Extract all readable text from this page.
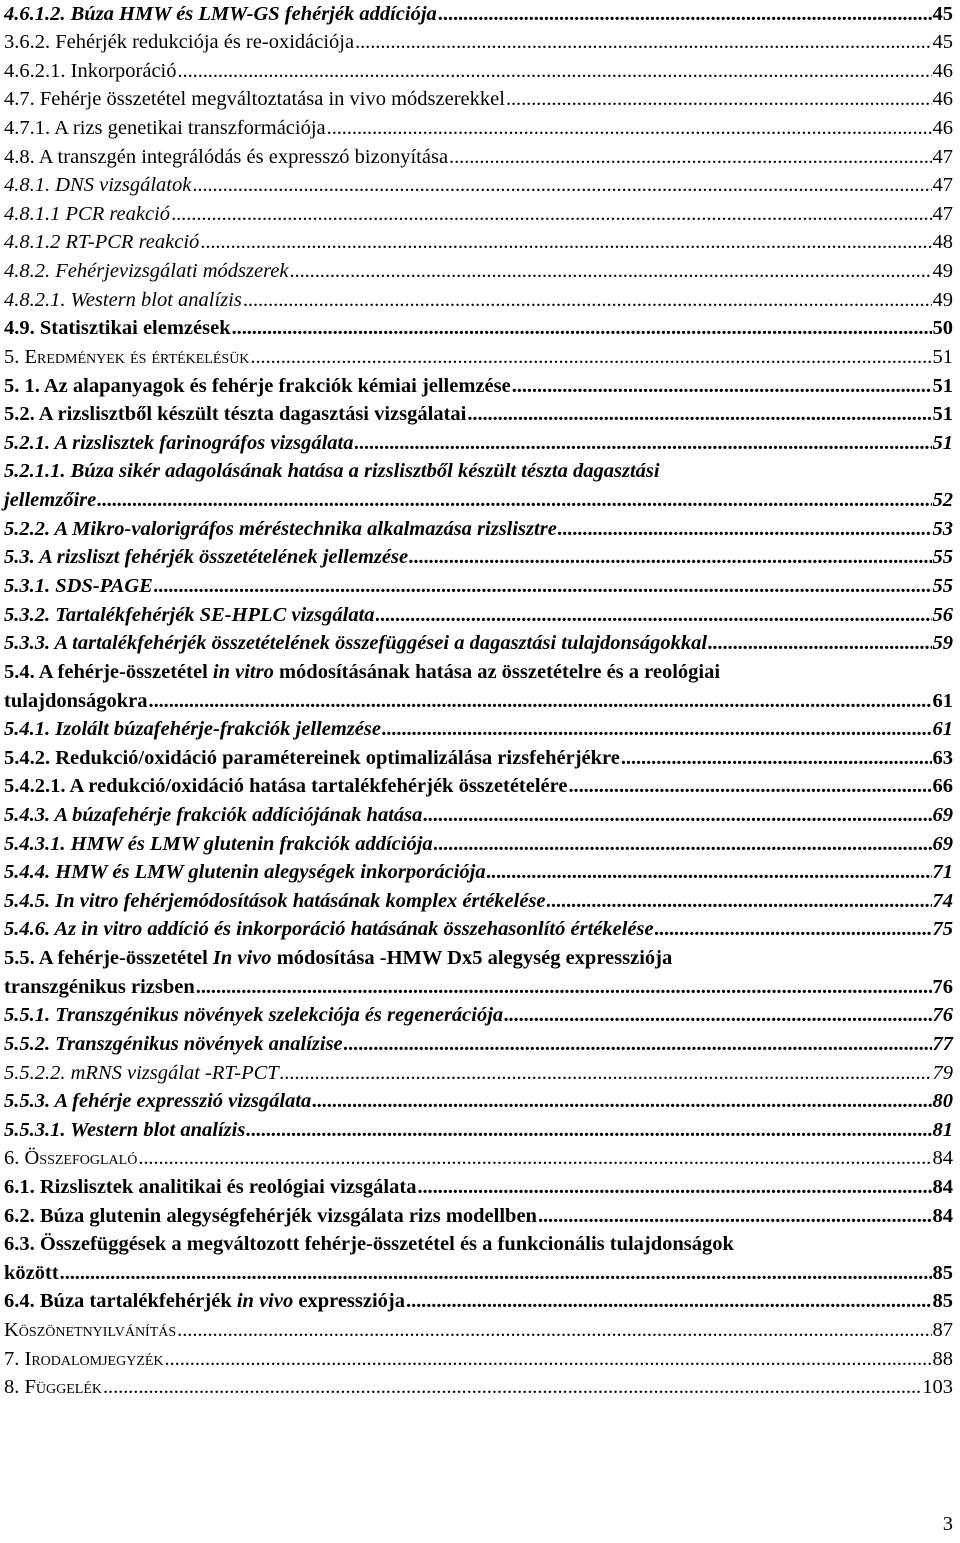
4.6.1.2. Búza HMW és LMW-GS fehérjék addíciója . . .	45
3.6.2. Fehérjék redukciója és re-oxidációja . . .	45
4.6.2.1. Inkorporáció . . .	46
4.7. Fehérje összetétel megváltoztatása in vivo módszerekkel . . .	46
4.7.1. A rizs genetikai transzformációja . . .	46
4.8. A transzgén integrálódás és expresszó bizonyítása . . .	47
4.8.1. DNS vizsgálatok . . .	47
4.8.1.1 PCR reakció . . .	47
4.8.1.2 RT-PCR reakció . . .	48
4.8.2. Fehérjevizsgálati módszerek . . .	49
4.8.2.1. Western blot analízis . . .	49
4.9. Statisztikai elemzések . . .	50
5. Eredmények és értékelésük . . .	51
5. 1. Az alapanyagok és fehérje frakciók kémiai jellemzése . . .	51
5.2. A rizslisztből készült tészta dagasztási vizsgálatai . . .	51
5.2.1. A rizslisztek farinográfos vizsgálata . . .	51
5.2.1.1. Búza sikér adagolásának hatása a rizslisztből készült tészta dagasztási
jellemzőire . . .	52
5.2.2. A Mikro-valorigráfos méréstechnika alkalmazása rizslisztre . . .	53
5.3. A rizsliszt fehérjék összetételének jellemzése . . .	55
5.3.1. SDS-PAGE . . .	55
5.3.2. Tartalékfehérjék SE-HPLC vizsgálata . . .	56
5.3.3. A tartalékfehérjék összetételének összefüggései a dagasztási tulajdonságokkal . . .	59
5.4. A fehérje-összetétel in vitro módosításának hatása az összetételre és a reológiai
tulajdonságokra . . .	61
5.4.1. Izolált búzafehérje-frakciók jellemzése . . .	61
5.4.2. Redukció/oxidáció paramétereinek optimalizálása rizsfehérjékre . . .	63
5.4.2.1. A redukció/oxidáció hatása tartalékfehérjék összetételére . . .	66
5.4.3. A búzafehérje frakciók addíciójának hatása . . .	69
5.4.3.1. HMW és LMW glutenin frakciók addíciója . . .	69
5.4.4. HMW és LMW glutenin alegységek inkorporációja . . .	71
5.4.5. In vitro fehérjemódosítások hatásának komplex értékelése . . .	74
5.4.6. Az in vitro addíció és inkorporáció hatásának összehasonlító értékelése . . .	75
5.5. A fehérje-összetétel In vivo módosítása -HMW Dx5 alegység expressziója
transzgénikus rizsben . . .	76
5.5.1. Transzgénikus növények szelekciója és regenerációja . . .	76
5.5.2. Transzgénikus növények analízise . . .	77
5.5.2.2. mRNS vizsgálat -RT-PCT . . .	79
5.5.3. A fehérje expresszió vizsgálata . . .	80
5.5.3.1. Western blot analízis . . .	81
6. Összefoglaló . . .	84
6.1. Rizslisztek analitikai és reológiai vizsgálata . . .	84
6.2. Búza glutenin alegységfehérjék vizsgálata rizs modellben . . .	84
6.3. Összefüggések a megváltozott fehérje-összetétel és a funkcionális tulajdonságok
között . . .	85
6.4. Búza tartalékfehérjék in vivo expressziója . . .	85
Köszönetnyilvánítás . . .	87
7. Irodalomjegyzék . . .	88
8. Függelék . . .	103
3
